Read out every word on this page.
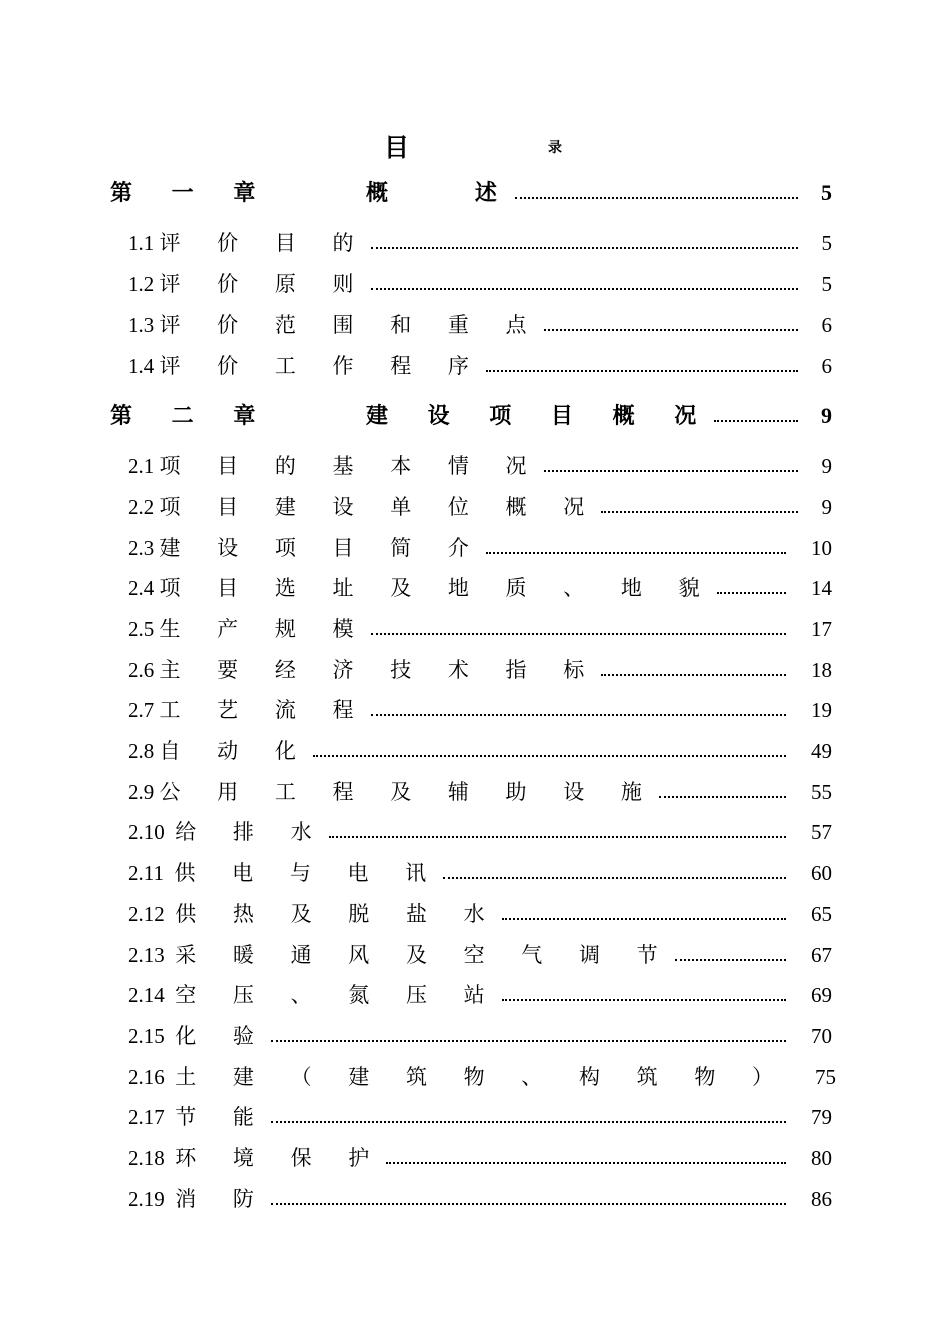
目	录
第 一 章    概   述	5
1.1 评 价 目 的	5
1.2 评 价 原 则	5
1.3 评 价 范 围 和 重 点	6
1.4 评 价 工 作 程 序	6
第 二 章    建 设 项 目 概 况	9
2.1 项 目 的 基 本 情 况	9
2.2 项 目 建 设 单 位 概 况	9
2.3 建 设 项 目 简 介	10
2.4 项 目 选 址 及 地 质 、 地 貌	14
2.5 生 产 规 模	17
2.6 主 要 经 济 技 术 指 标	18
2.7 工 艺 流 程	19
2.8 自 动 化	49
2.9 公 用 工 程 及 辅 助 设 施	55
2.10 给 排 水	57
2.11 供 电 与 电 讯	60
2.12 供 热 及 脱 盐 水	65
2.13 采 暖 通 风 及 空 气 调 节	67
2.14 空 压 、 氮 压 站	69
2.15 化 验	70
2.16 土 建 （ 建 筑 物 、 构 筑 物 ）	75
2.17 节 能	79
2.18 环 境 保 护	80
2.19 消 防	86
